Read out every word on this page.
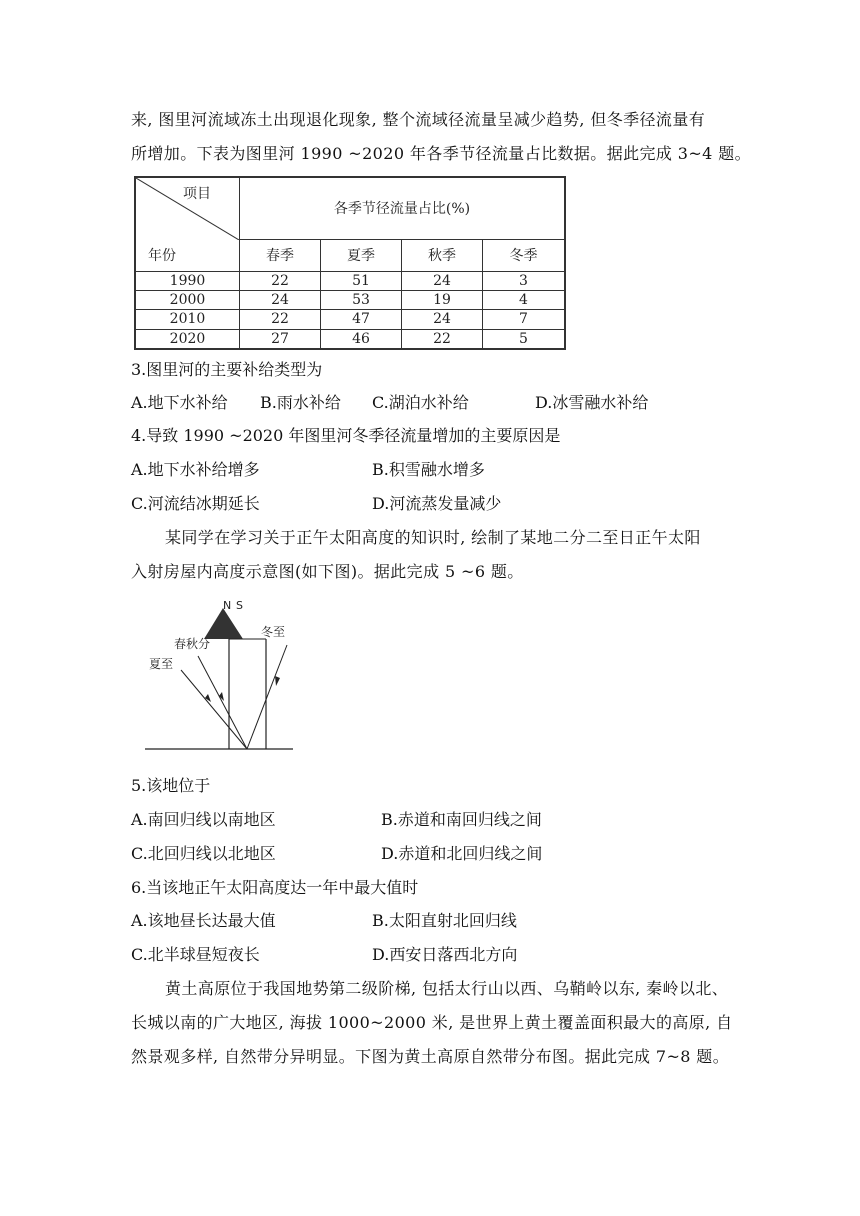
来, 图里河流域冻土出现退化现象, 整个流域径流量呈减少趋势, 但冬季径流量有
所增加。下表为图里河 1990 ~2020 年各季节径流量占比数据。据此完成 3~4 题。
项目
年份	各季节径流量占比(%)			
	春季	夏季	秋季	冬季
1990	22	51	24	3
2000	24	53	19	4
2010	22	47	24	7
2020	27	46	22	5
3.图里河的主要补给类型为
A.地下水补给 B.雨水补给 C.湖泊水补给	D.冰雪融水补给
4.导致 1990 ~2020 年图里河冬季径流量增加的主要原因是
A.地下水补给增多	B.积雪融水增多
C.河流结冰期延长	D.河流蒸发量减少
某同学在学习关于正午太阳高度的知识时, 绘制了某地二分二至日正午太阳
入射房屋内高度示意图(如下图)。据此完成 5 ~6 题。
N S
春秋分
夏至
冬至
5.该地位于
A.南回归线以南地区	B.赤道和南回归线之间
C.北回归线以北地区	D.赤道和北回归线之间
6.当该地正午太阳高度达一年中最大值时
A.该地昼长达最大值	B.太阳直射北回归线
C.北半球昼短夜长	D.西安日落西北方向
黄土高原位于我国地势第二级阶梯, 包括太行山以西、乌鞘岭以东, 秦岭以北、
长城以南的广大地区, 海拔 1000~2000 米, 是世界上黄土覆盖面积最大的高原, 自
然景观多样, 自然带分异明显。下图为黄土高原自然带分布图。据此完成 7~8 题。
